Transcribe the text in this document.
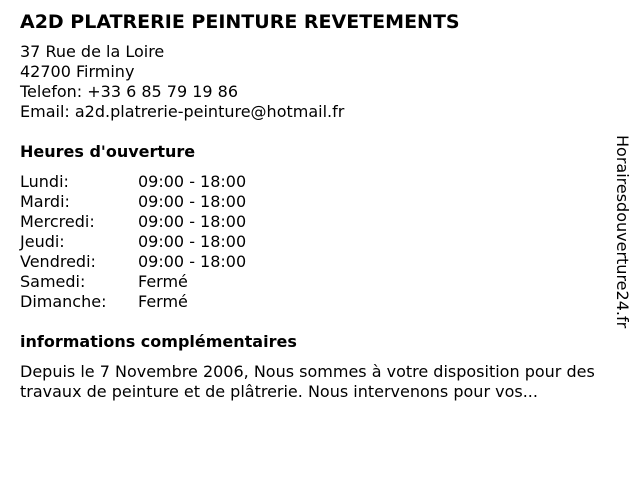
A2D PLATRERIE PEINTURE REVETEMENTS
37 Rue de la Loire
42700 Firminy
Telefon: +33 6 85 79 19 86
Email: a2d.platrerie-peinture@hotmail.fr
Heures d'ouverture
Lundi:	09:00 - 18:00
Mardi:	09:00 - 18:00
Mercredi:	09:00 - 18:00
Jeudi:	09:00 - 18:00
Vendredi:	09:00 - 18:00
Samedi:	Fermé
Dimanche:	Fermé
informations complémentaires
Depuis le 7 Novembre 2006, Nous sommes à votre disposition pour des travaux de peinture et de plâtrerie. Nous intervenons pour vos...
Horairesdouverture24.fr
